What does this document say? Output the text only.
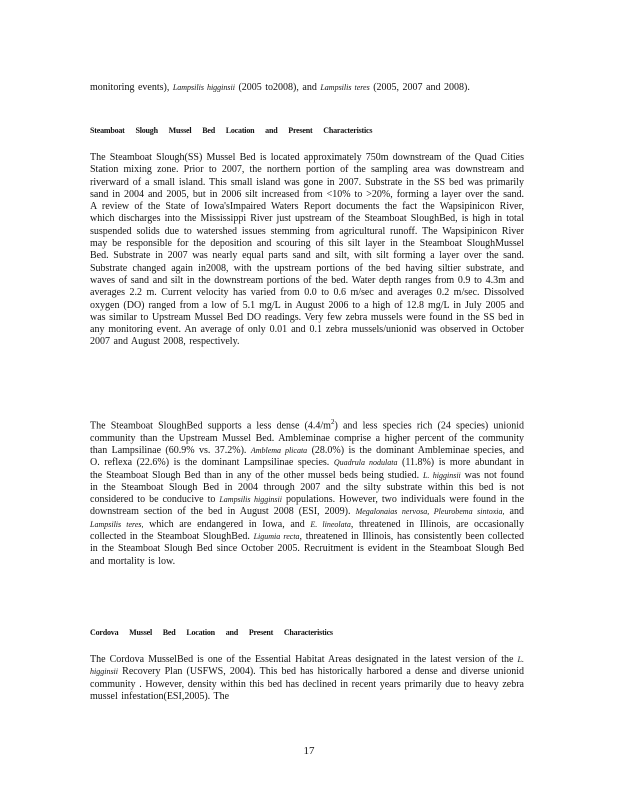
monitoring events), Lampsilis higginsii (2005 to2008), and Lampsilis teres (2005, 2007 and 2008).

Steamboat Slough Mussel Bed Location and Present Characteristics

The Steamboat Slough(SS) Mussel Bed is located approximately 750m downstream of the Quad Cities Station mixing zone. Prior to 2007, the northern portion of the sampling area was downstream and riverward of a small island. This small island was gone in 2007. Substrate in the SS bed was primarily sand in 2004 and 2005, but in 2006 silt increased from <10% to >20%, forming a layer over the sand. A review of the State of Iowa'sImpaired Waters Report documents the fact the Wapsipinicon River, which discharges into the Mississippi River just upstream of the Steamboat SloughBed, is high in total suspended solids due to watershed issues stemming from agricultural runoff. The Wapsipinicon River may be responsible for the deposition and scouring of this silt layer in the Steamboat SloughMussel Bed. Substrate in 2007 was nearly equal parts sand and silt, with silt forming a layer over the sand. Substrate changed again in2008, with the upstream portions of the bed having siltier substrate, and waves of sand and silt in the downstream portions of the bed. Water depth ranges from 0.9 to 4.3m and averages 2.2 m. Current velocity has varied from 0.0 to 0.6 m/sec and averages 0.2 m/sec. Dissolved oxygen (DO) ranged from a low of 5.1 mg/L in August 2006 to a high of 12.8 mg/L in July 2005 and was similar to Upstream Mussel Bed DO readings. Very few zebra mussels were found in the SS bed in any monitoring event. An average of only 0.01 and 0.1 zebra mussels/unionid was observed in October 2007 and August 2008, respectively.

The Steamboat SloughBed supports a less dense $(4.4/m^2)$ and less species rich (24 species) unionid community than the Upstream Mussel Bed. Ambleminae comprise a higher percent of the community than Lampsilinae (60.9% vs. 37.2%). Amblema plicata (28.0%) is the dominant Ambleminae species, and O. reflexa (22.6%) is the dominant Lampsilinae species. Quadrula nodulata (11.8%) is more abundant in the Steamboat Slough Bed than in any of the other mussel beds being studied. L. higginsii was not found in the Steamboat Slough Bed in 2004 through 2007 and the silty substrate within this bed is not considered to be conducive to Lampsilis higginsii populations. However, two individuals were found in the downstream section of the bed in August 2008 (ESI, 2009). Megalonaias nervosa, Pleurobema sintoxia, and Lampsilis teres, which are endangered in Iowa, and E. lineolata, threatened in Illinois, are occasionally collected in the Steamboat SloughBed. Ligumia recta, threatened in Illinois, has consistently been collected in the Steamboat Slough Bed since October 2005. Recruitment is evident in the Steamboat Slough Bed and mortality is low.

Cordova Mussel Bed Location and Present Characteristics

The Cordova MusselBed is one of the Essential Habitat Areas designated in the latest version of the L. higginsii Recovery Plan (USFWS, 2004). This bed has historically harbored a dense and diverse unionid community . However, density within this bed has declined in recent years primarily due to heavy zebra mussel infestation(ESI,2005). The

17
